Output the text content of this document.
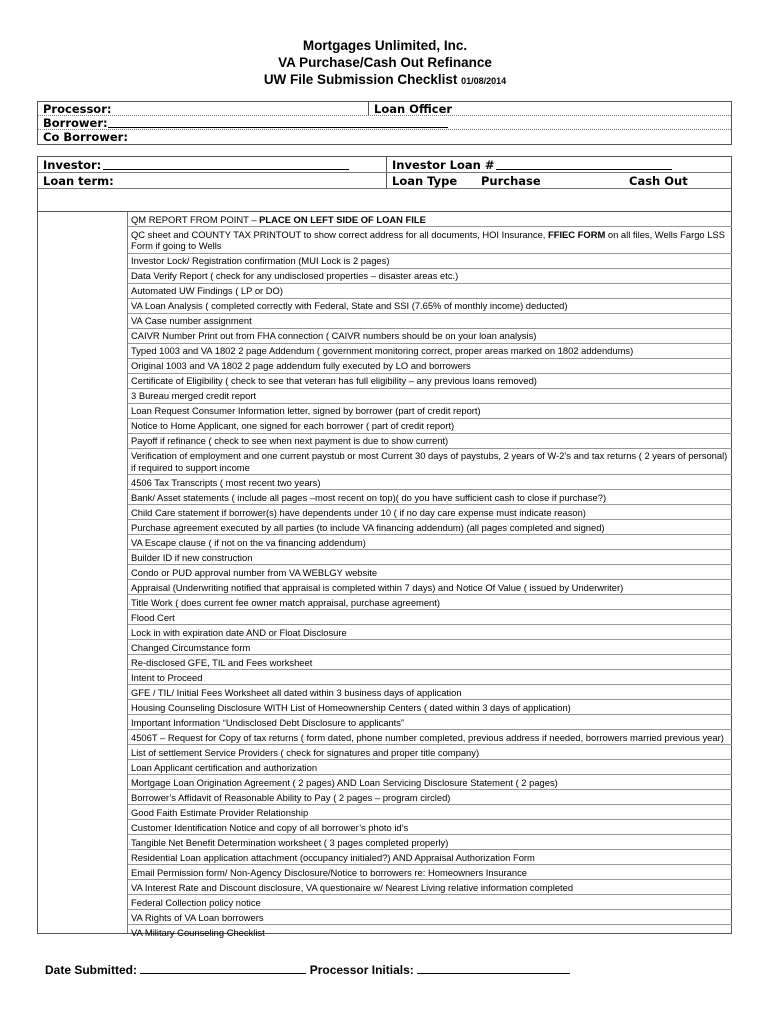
Mortgages Unlimited, Inc.
VA Purchase/Cash Out Refinance
UW File Submission Checklist 01/08/2014
Processor:	Loan Officer
Borrower:
Co Borrower:
Investor:	Investor Loan #
Loan term:	Loan Type Purchase	Cash Out
QM REPORT FROM POINT – PLACE ON LEFT SIDE OF LOAN FILE
QC sheet and COUNTY TAX PRINTOUT to show correct address for all documents, HOI Insurance, FFIEC FORM on all files, Wells Fargo LSS Form if going to Wells
Investor Lock/ Registration confirmation (MUI Lock is 2 pages)
Data Verify Report ( check for any undisclosed properties – disaster areas etc.)
Automated UW Findings ( LP or DO)
VA Loan Analysis ( completed correctly with Federal, State and SSI (7.65% of monthly income) deducted)
VA Case number assignment
CAIVR Number Print out from FHA connection ( CAIVR numbers should be on your loan analysis)
Typed 1003 and VA 1802 2 page Addendum ( government monitoring correct, proper areas marked on 1802 addendums)
Original 1003 and VA 1802 2 page addendum fully executed by LO and borrowers
Certificate of Eligibility ( check to see that veteran has full eligibility – any previous loans removed)
3 Bureau merged credit report
Loan Request Consumer Information letter, signed by borrower (part of credit report)
Notice to Home Applicant, one signed for each borrower ( part of credit report)
Payoff if refinance ( check to see when next payment is due to show current)
Verification of employment and one current paystub or most Current 30 days of paystubs, 2 years of W-2’s and tax returns ( 2 years of personal) if required to support income
4506 Tax Transcripts ( most recent two years)
Bank/ Asset statements ( include all pages –most recent on top)( do you have sufficient cash to close if purchase?)
Child Care statement if borrower(s) have dependents under 10 ( if no day care expense must indicate reason)
Purchase agreement executed by all parties (to include VA financing addendum) (all pages completed and signed)
VA Escape clause ( if not on the va financing addendum)
Builder ID if new construction
Condo or PUD approval number from VA WEBLGY website
Appraisal (Underwriting notified that appraisal is completed within 7 days) and Notice Of Value ( issued by Underwriter)
Title Work ( does current fee owner match appraisal, purchase agreement)
Flood Cert
Lock in with expiration date AND or Float Disclosure
Changed Circumstance form
Re-disclosed GFE, TIL and Fees worksheet
Intent to Proceed
GFE / TIL/ Initial Fees Worksheet all dated within 3 business days of application
Housing Counseling Disclosure WITH List of Homeownership Centers ( dated within 3 days of application)
Important Information “Undisclosed Debt Disclosure to applicants”
4506T – Request for Copy of tax returns ( form dated, phone number completed, previous address if needed, borrowers married previous year)
List of settlement Service Providers ( check for signatures and proper title company)
Loan Applicant certification and authorization
Mortgage Loan Origination Agreement ( 2 pages) AND Loan Servicing Disclosure Statement ( 2 pages)
Borrower’s Affidavit of Reasonable Ability to Pay ( 2 pages – program circled)
Good Faith Estimate Provider Relationship
Customer Identification Notice and copy of all borrower’s photo id’s
Tangible Net Benefit Determination worksheet ( 3 pages completed properly)
Residential Loan application attachment (occupancy initialed?) AND Appraisal Authorization Form
Email Permission form/ Non-Agency Disclosure/Notice to borrowers re: Homeowners Insurance
VA Interest Rate and Discount disclosure, VA questionaire w/ Nearest Living relative information completed
Federal Collection policy notice
VA Rights of VA Loan borrowers
VA Military Counseling Checklist
Date Submitted:	Processor Initials:
